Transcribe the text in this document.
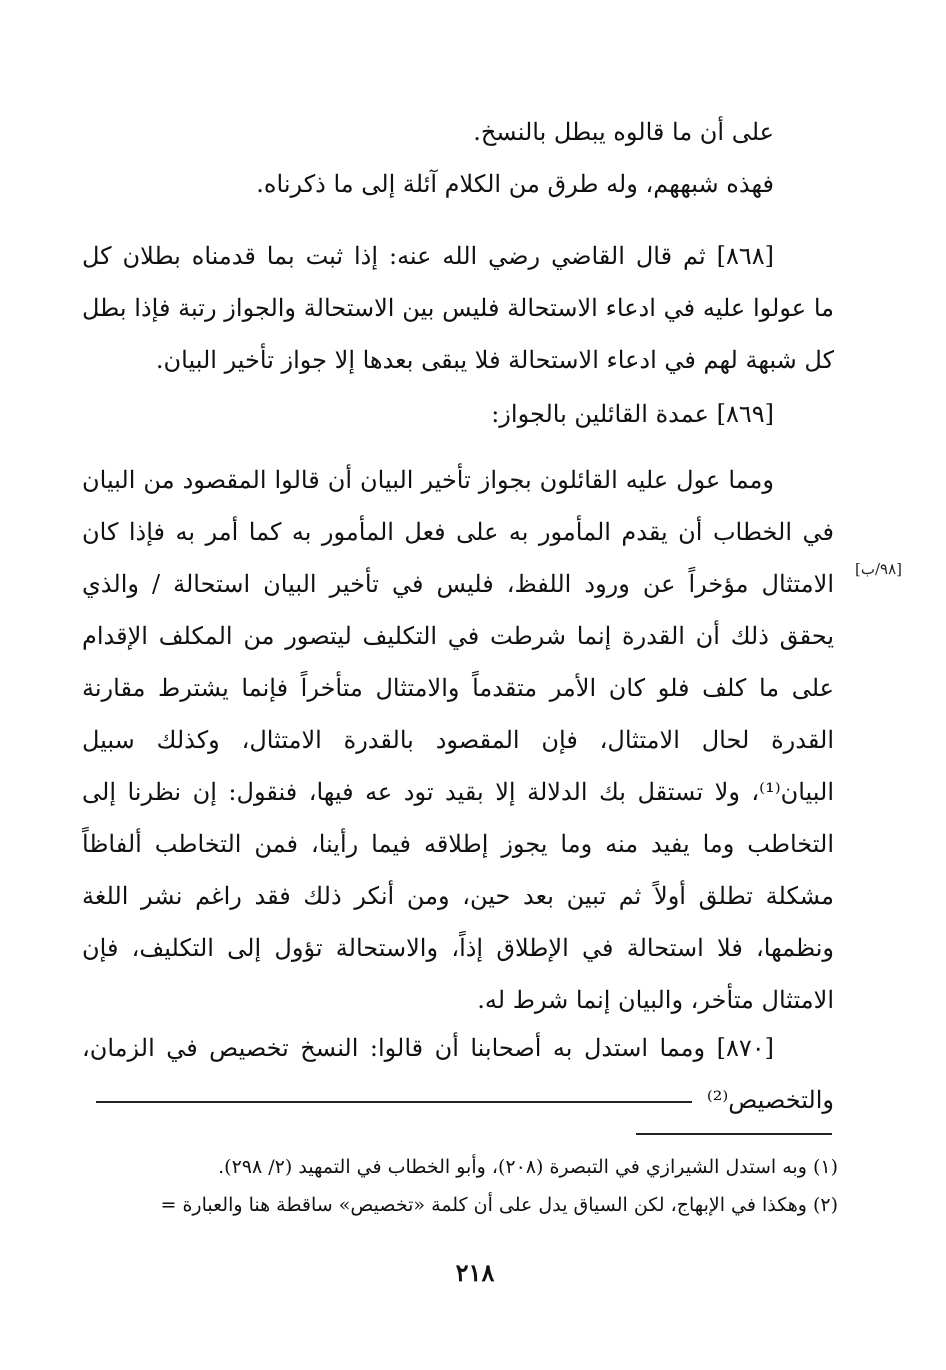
على أن ما قالوه يبطل بالنسخ.
فهذه شبههم، وله طرق من الكلام آئلة إلى ما ذكرناه.
[٨٦٨] ثم قال القاضي رضي الله عنه: إذا ثبت بما قدمناه بطلان كل
ما عولوا عليه في ادعاء الاستحالة فليس بين الاستحالة والجواز رتبة فإذا بطل
كل شبهة لهم في ادعاء الاستحالة فلا يبقى بعدها إلا جواز تأخير البيان.
[٨٦٩] عمدة القائلين بالجواز:
ومما عول عليه القائلون بجواز تأخير البيان أن قالوا المقصود من البيان
في الخطاب أن يقدم المأمور به على فعل المأمور به كما أمر به فإذا كان
الامتثال مؤخراً عن ورود اللفظ، فليس في تأخير البيان استحالة / والذي
يحقق ذلك أن القدرة إنما شرطت في التكليف ليتصور من المكلف الإقدام
على ما كلف فلو كان الأمر متقدماً والامتثال متأخراً فإنما يشترط مقارنة
القدرة لحال الامتثال، فإن المقصود بالقدرة الامتثال، وكذلك سبيل
البيان⁽¹⁾، ولا تستقل بك الدلالة إلا بقيد تود عه فيها، فنقول: إن نظرنا إلى
التخاطب وما يفيد منه وما يجوز إطلاقه فيما رأينا، فمن التخاطب ألفاظاً
مشكلة تطلق أولاً ثم تبين بعد حين، ومن أنكر ذلك فقد راغم نشر اللغة
ونظمها، فلا استحالة في الإطلاق إذاً، والاستحالة تؤول إلى التكليف، فإن
الامتثال متأخر، والبيان إنما شرط له.
[٨٧٠] ومما استدل به أصحابنا أن قالوا: النسخ تخصيص في الزمان،
والتخصيص⁽²⁾
[٩٨/ب]
(١) وبه استدل الشيرازي في التبصرة (٢٠٨)، وأبو الخطاب في التمهيد (٢/ ٢٩٨).
(٢) وهكذا في الإبهاج، لكن السياق يدل على أن كلمة «تخصيص» ساقطة هنا والعبارة =
٢١٨
